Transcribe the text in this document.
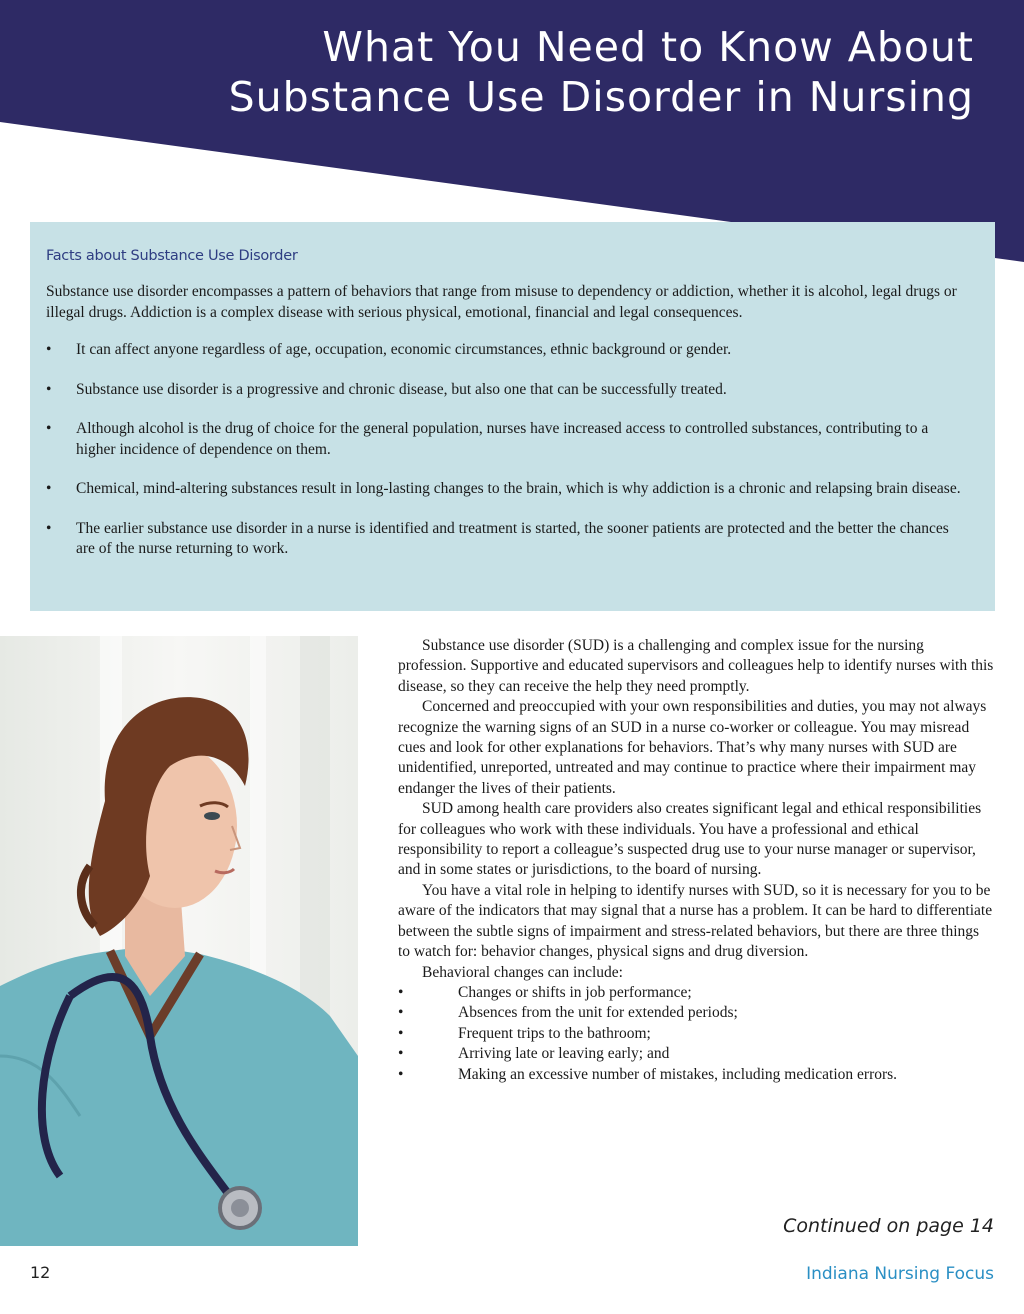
What You Need to Know About
Substance Use Disorder in Nursing
Facts about Substance Use Disorder

Substance use disorder encompasses a pattern of behaviors that range from misuse to dependency or addiction, whether it is alcohol, legal drugs or illegal drugs. Addiction is a complex disease with serious physical, emotional, financial and legal consequences.

• It can affect anyone regardless of age, occupation, economic circumstances, ethnic background or gender.
• Substance use disorder is a progressive and chronic disease, but also one that can be successfully treated.
• Although alcohol is the drug of choice for the general population, nurses have increased access to controlled substances, contributing to a higher incidence of dependence on them.
• Chemical, mind-altering substances result in long-lasting changes to the brain, which is why addiction is a chronic and relapsing brain disease.
• The earlier substance use disorder in a nurse is identified and treatment is started, the sooner patients are protected and the better the chances are of the nurse returning to work.

Substance use disorder (SUD) is a challenging and complex issue for the nursing profession. Supportive and educated supervisors and colleagues help to identify nurses with this disease, so they can receive the help they need promptly.

Concerned and preoccupied with your own responsibilities and duties, you may not always recognize the warning signs of an SUD in a nurse co-worker or colleague. You may misread cues and look for other explanations for behaviors. That’s why many nurses with SUD are unidentified, unreported, untreated and may continue to practice where their impairment may endanger the lives of their patients.

SUD among health care providers also creates significant legal and ethical responsibilities for colleagues who work with these individuals. You have a professional and ethical responsibility to report a colleague’s suspected drug use to your nurse manager or supervisor, and in some states or jurisdictions, to the board of nursing.

You have a vital role in helping to identify nurses with SUD, so it is necessary for you to be aware of the indicators that may signal that a nurse has a problem. It can be hard to differentiate between the subtle signs of impairment and stress-related behaviors, but there are three things to watch for: behavior changes, physical signs and drug diversion.

Behavioral changes can include:

• Changes or shifts in job performance;
• Absences from the unit for extended periods;
• Frequent trips to the bathroom;
• Arriving late or leaving early; and
• Making an excessive number of mistakes, including medication errors.

Continued on page 14

12	Indiana Nursing Focus
